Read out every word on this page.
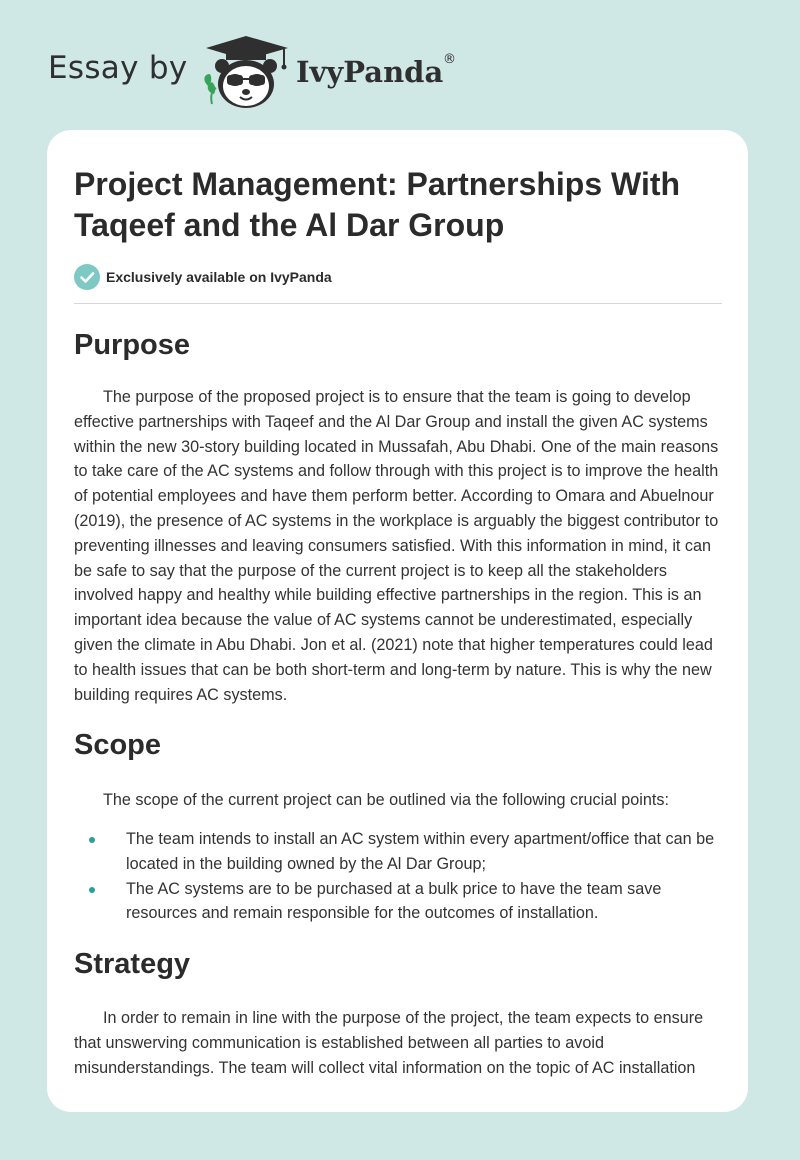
Essay by	IvyPanda ®
Project Management: Partnerships With Taqeef and the Al Dar Group
Exclusively available on IvyPanda
Purpose

The purpose of the proposed project is to ensure that the team is going to develop effective partnerships with Taqeef and the Al Dar Group and install the given AC systems within the new 30-story building located in Mussafah, Abu Dhabi. One of the main reasons to take care of the AC systems and follow through with this project is to improve the health of potential employees and have them perform better. According to Omara and Abuelnour (2019), the presence of AC systems in the workplace is arguably the biggest contributor to preventing illnesses and leaving consumers satisfied. With this information in mind, it can be safe to say that the purpose of the current project is to keep all the stakeholders involved happy and healthy while building effective partnerships in the region. This is an important idea because the value of AC systems cannot be underestimated, especially given the climate in Abu Dhabi. Jon et al. (2021) note that higher temperatures could lead to health issues that can be both short-term and long-term by nature. This is why the new building requires AC systems.

Scope

The scope of the current project can be outlined via the following crucial points:

The team intends to install an AC system within every apartment/office that can be located in the building owned by the Al Dar Group;
The AC systems are to be purchased at a bulk price to have the team save resources and remain responsible for the outcomes of installation.
Strategy

In order to remain in line with the purpose of the project, the team expects to ensure that unswerving communication is established between all parties to avoid misunderstandings. The team will collect vital information on the topic of AC installation
